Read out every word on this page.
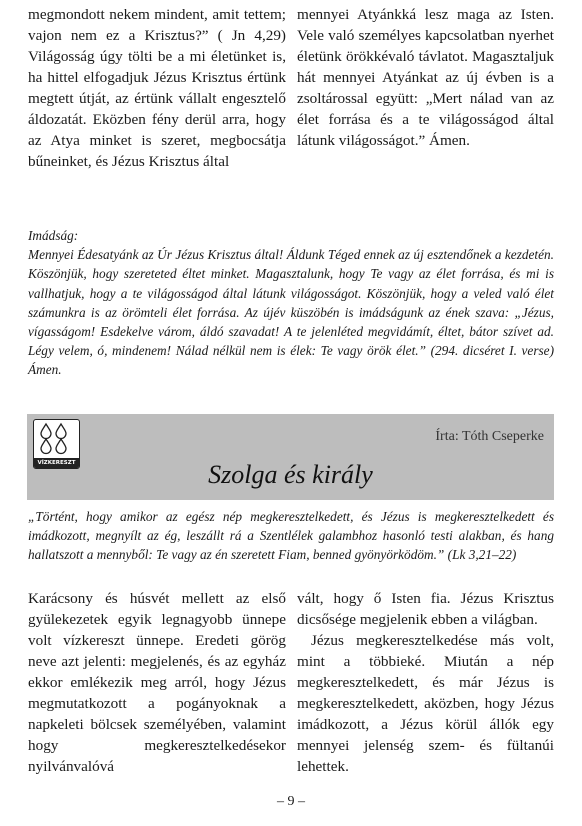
megmondott nekem mindent, amit tettem; vajon nem ez a Krisztus?” ( Jn 4,29) Világosság úgy tölti be a mi életünket is, ha hittel elfogadjuk Jézus Krisztus értünk megtett útját, az értünk vállalt engesztelő áldozatát. Eközben fény derül arra, hogy az Atya minket is szeret, megbocsátja bűneinket, és Jézus Krisztus által

mennyei Atyánkká lesz maga az Isten. Vele való személyes kapcsolatban nyerhet életünk örökkévaló távlatot. Magasztaljuk hát mennyei Atyánkat az új évben is a zsoltárossal együtt: „Mert nálad van az élet forrása és a te világosságod által látunk világosságot.” Ámen.

Imádság:

Mennyei Édesatyánk az Úr Jézus Krisztus által! Áldunk Téged ennek az új esztendőnek a kezdetén. Köszönjük, hogy szereteted éltet minket. Magasztalunk, hogy Te vagy az élet forrása, és mi is vallhatjuk, hogy a te világosságod által látunk világosságot. Köszönjük, hogy a veled való élet számunkra is az örömteli élet forrása. Az újév küszöbén is imádságunk az ének szava: „Jézus, vígasságom! Esdekelve várom, áldó szavadat! A te jelenléted megvidámít, éltet, bátor szívet ad. Légy velem, ó, mindenem! Nálad nélkül nem is élek: Te vagy örök élet.” (294. dicséret I. verse) Ámen.

VÍZKERESZT
Írta: Tóth Cseperke
Szolga és király

„Történt, hogy amikor az egész nép megkeresztelkedett, és Jézus is megkeresztelkedett és imádkozott, megnyílt az ég, leszállt rá a Szentlélek galambhoz hasonló testi alakban, és hang hallatszott a mennyből: Te vagy az én szeretett Fiam, benned gyönyörködöm.” (Lk 3,21–22)

Karácsony és húsvét mellett az első gyülekezetek egyik legnagyobb ünnepe volt vízkereszt ünnepe. Eredeti görög neve azt jelenti: megjelenés, és az egyház ekkor emlékezik meg arról, hogy Jézus megmutatkozott a pogányoknak a napkeleti bölcsek személyében, valamint hogy megkeresztelkedésekor nyilvánvalóvá

vált, hogy ő Isten fia. Jézus Krisztus dicsősége megjelenik ebben a világban.

Jézus megkeresztelkedése más volt, mint a többieké. Miután a nép megkeresztelkedett, és már Jézus is megkeresztelkedett, aközben, hogy Jézus imádkozott, a Jézus körül állók egy mennyei jelenség szem- és fültanúi lehettek.

– 9 –
